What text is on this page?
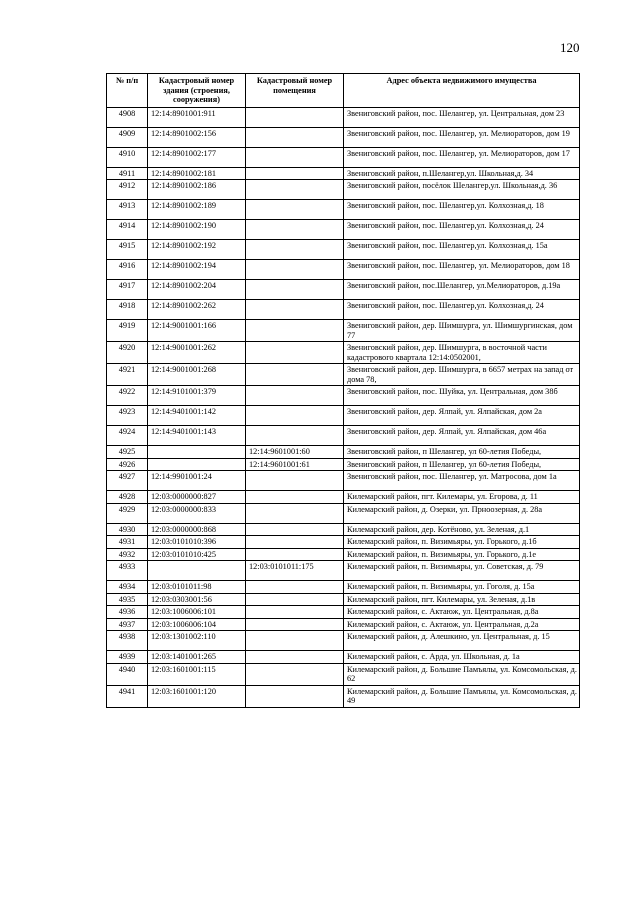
120
№ п/п	Кадастровый номер здания (строения, сооружения)	Кадастровый номер помещения	Адрес объекта недвижимого имущества
4908	12:14:8901001:911		Звениговский район, пос. Шелангер, ул. Центральная, дом 23
4909	12:14:8901002:156		Звениговский район, пос. Шелангер, ул. Мелиораторов, дом 19
4910	12:14:8901002:177		Звениговский район, пос. Шелангер, ул. Мелиораторов, дом 17
4911	12:14:8901002:181		Звениговский район, п.Шелангер,ул. Школьная,д. 34
4912	12:14:8901002:186		Звениговский район, посёлок Шелангер,ул. Школьная,д. 36
4913	12:14:8901002:189		Звениговский район, пос. Шелангер,ул. Колхозная,д. 18
4914	12:14:8901002:190		Звениговский район, пос. Шелангер,ул. Колхозная,д. 24
4915	12:14:8901002:192		Звениговский район, пос. Шелангер,ул. Колхозная,д. 15а
4916	12:14:8901002:194		Звениговский район, пос. Шелангер, ул. Мелиораторов, дом 18
4917	12:14:8901002:204		Звениговский район, пос.Шелангер, ул.Мелиораторов, д.19а
4918	12:14:8901002:262		Звениговский район, пос. Шелангер,ул. Колхозная,д. 24
4919	12:14:9001001:166		Звениговский район, дер. Шимшурга, ул. Шимшургинская, дом 77
4920	12:14:9001001:262		Звениговский район, дер. Шимшурга, в восточной части кадастрового квартала 12:14:0502001,
4921	12:14:9001001:268		Звениговский район, дер. Шимшурга, в 6657 метрах на запад от дома 78,
4922	12:14:9101001:379		Звениговский район, пос. Шуйка, ул. Центральная, дом 38б
4923	12:14:9401001:142		Звениговский район, дер. Ялпай, ул. Ялпайская, дом 2а
4924	12:14:9401001:143		Звениговский район, дер. Ялпай, ул. Ялпайская, дом 46а
4925		12:14:9601001:60	Звениговский район, п Шелангер, ул 60-летия Победы,
4926		12:14:9601001:61	Звениговский район, п Шелангер, ул 60-летия Победы,
4927	12:14:9901001:24		Звениговский район, пос. Шелангер, ул. Матросова, дом 1а
4928	12:03:0000000:827		Килемарский район, пгт. Килемары, ул. Егорова, д. 11
4929	12:03:0000000:833		Килемарский район, д. Озерки, ул. Прноозерная, д. 28а
4930	12:03:0000000:868		Килемарский район, дер. Котёново, ул. Зеленая, д.1
4931	12:03:0101010:396		Килемарский район, п. Визимьяры, ул. Горького, д.1б
4932	12:03:0101010:425		Килемарский район, п. Визимьяры, ул. Горького, д.1е
4933		12:03:0101011:175	Килемарский район, п. Визимьяры, ул. Советская, д. 79
4934	12:03:0101011:98		Килемарский район, п. Визимьяры, ул. Гоголя, д. 15а
4935	12:03:0303001:56		Килемарский район, пгт. Килемары, ул. Зеленая, д.1в
4936	12:03:1006006:101		Килемарский район, с. Актаюж, ул. Центральная, д.8а
4937	12:03:1006006:104		Килемарский район, с. Актаюж, ул. Центральная, д.2а
4938	12:03:1301002:110		Килемарский район, д. Алешкино, ул. Центральная, д. 15
4939	12:03:1401001:265		Килемарский район, с. Арда, ул. Школьная, д. 1а
4940	12:03:1601001:115		Килемарский район, д. Большие Памъялы, ул. Комсомольская, д. 62
4941	12:03:1601001:120		Килемарский район, д. Большие Памъялы, ул. Комсомольская, д. 49
